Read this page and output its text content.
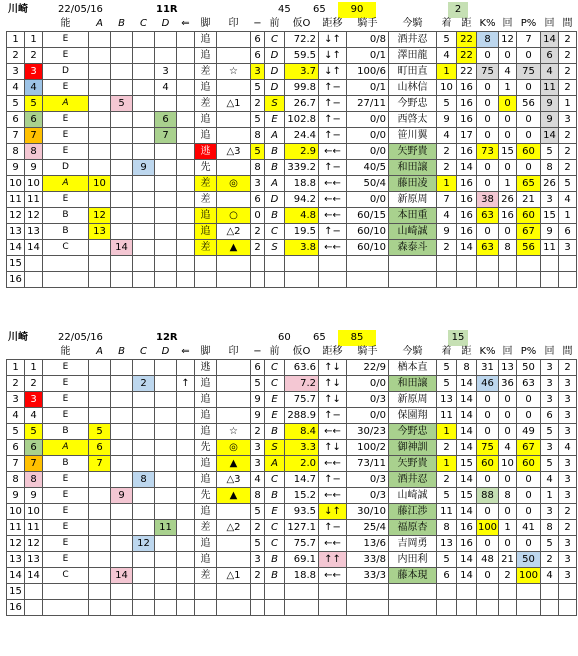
川崎	22/05/16	11R	45 65	90	2
		能	A	B	C	D	⇐	脚	印	−	前	仮O	距移	騎手	今騎	着	距	K%	回	P%	回	間
1	1	E						追		6	C	72.2	↓↑	0/8	酒井忍	5	22	8	12	7	14	2
2	2	E						追		6	D	59.5	↓↑	0/1	澤田龍	4	22	0	0	0	6	2
3	3	D				3		差	☆	3	D	3.7	↓↑	100/6	町田直	1	22	75	4	75	4	2
4	4	E				4		追		5	D	99.8	↑−	0/1	山林信	10	16	0	1	0	11	2
5	5	A		5				差	△1	2	S	26.7	↑−	27/11	今野忠	5	16	0	0	56	9	1
6	6	E				6		追		5	E	102.8	↑−	0/0	西啓太	9	16	0	0	0	9	3
7	7	E				7		追		8	A	24.4	↑−	0/0	笹川翼	4	17	0	0	0	14	2
8	8	E						逃	△3	5	B	2.9	←←	0/0	矢野貴	2	16	73	15	60	5	2
9	9	D			9			先		8	B	339.2	↑−	40/5	和田譲	2	14	0	0	0	8	2
10	10	A	10					差	◎	3	A	18.8	←←	50/4	藤田凌	1	16	0	1	65	26	5
11	11	E						差		6	D	94.2	←←	0/0	新原周	7	16	38	26	21	3	4
12	12	B	12					追	○	0	B	4.8	←←	60/15	本田重	4	16	63	16	60	15	1
13	13	B	13					追	△2	2	C	19.5	↑−	60/10	山崎誠	9	16	0	0	67	9	6
14	14	C		14				差	▲	2	S	3.8	←←	60/10	森泰斗	2	14	63	8	56	11	3
15																						
16																						
川崎	22/05/16	12R	60 65	85	15
		能	A	B	C	D	⇐	脚	印	−	前	仮O	距移	騎手	今騎	着	距	K%	回	P%	回	間
1	1	E						逃		6	C	63.6	↑↓	22/9	楢本直	5	8	31	13	50	3	2
2	2	E			2		↑	追		5	C	7.2	↑↓	0/0	和田譲	5	14	46	36	63	3	3
3	3	E						追		9	E	75.7	↑↓	0/3	新原周	13	14	0	0	0	3	3
4	4	E						追		9	E	288.9	↑−	0/0	保園翔	11	14	0	0	0	6	3
5	5	B	5					追	☆	2	B	8.4	←←	30/23	今野忠	1	14	0	0	49	5	3
6	6	A	6					先	◎	3	S	3.3	↑↓	100/2	御神訓	2	14	75	4	67	3	4
7	7	B	7					追	▲	3	A	2.0	←←	73/11	矢野貴	1	15	60	10	60	5	3
8	8	E			8			追	△3	4	C	14.7	↑−	0/3	酒井忍	2	14	0	0	0	4	3
9	9	E		9				先	▲	8	B	15.2	←←	0/3	山崎誠	5	15	88	8	0	1	3
10	10	E						追		5	E	93.5	↓↑	30/10	藤江渉	11	14	0	0	0	3	2
11	11	E				11		差	△2	2	C	127.1	↑−	25/4	福原杏	8	16	100	1	41	8	2
12	12	E			12			追		5	C	75.7	←←	13/6	吉岡勇	13	16	0	0	0	5	3
13	13	E						追		3	B	69.1	↑↑	33/8	内田利	5	14	48	21	50	2	3
14	14	C		14				差	△1	2	B	18.8	←←	33/3	藤本現	6	14	0	2	100	4	3
15																						
16																						
